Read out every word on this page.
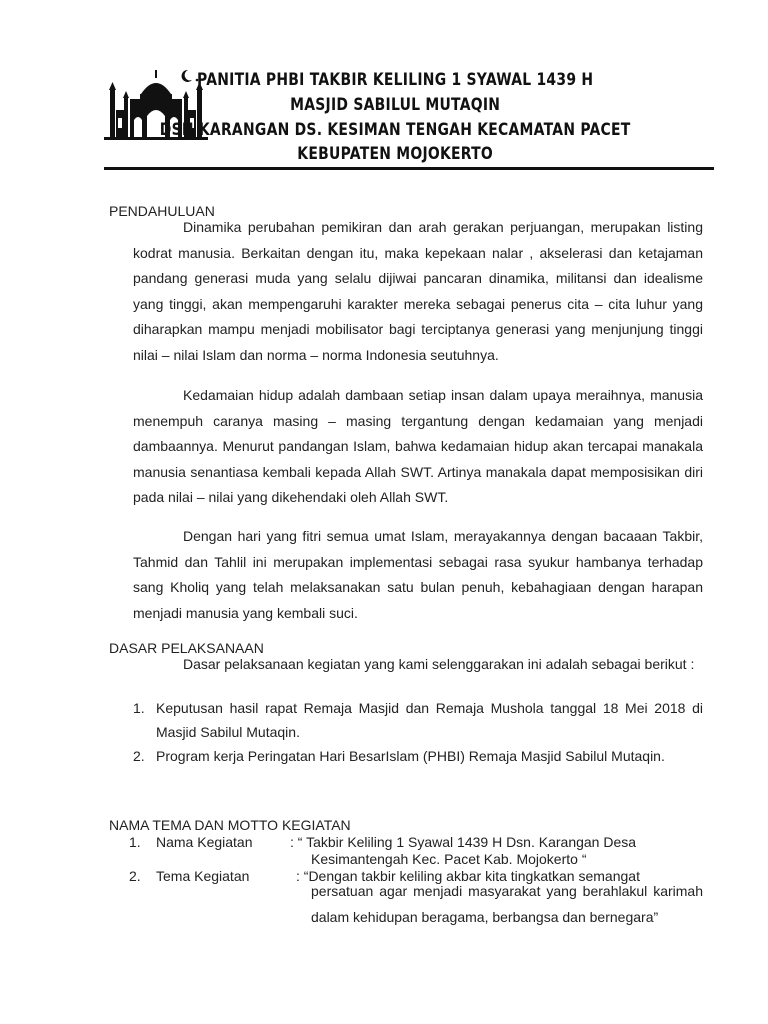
PANITIA PHBI TAKBIR KELILING 1 SYAWAL 1439 H
MASJID SABILUL MUTAQIN
DSN KARANGAN DS. KESIMAN TENGAH KECAMATAN PACET
KEBUPATEN MOJOKERTO
PENDAHULUAN
Dinamika perubahan pemikiran dan arah gerakan perjuangan, merupakan listing kodrat manusia. Berkaitan dengan itu, maka kepekaan nalar , akselerasi dan ketajaman pandang generasi muda yang selalu dijiwai pancaran dinamika, militansi dan idealisme yang tinggi, akan mempengaruhi karakter mereka sebagai penerus cita – cita luhur yang diharapkan mampu menjadi mobilisator bagi terciptanya generasi yang menjunjung tinggi nilai – nilai Islam dan norma – norma Indonesia seutuhnya.
Kedamaian hidup adalah dambaan setiap insan dalam upaya meraihnya, manusia menempuh caranya masing – masing tergantung dengan kedamaian yang menjadi dambaannya. Menurut pandangan Islam, bahwa kedamaian hidup akan tercapai manakala manusia senantiasa kembali kepada Allah SWT. Artinya manakala dapat memposisikan diri pada nilai – nilai yang dikehendaki oleh Allah SWT.
Dengan hari yang fitri semua umat Islam, merayakannya dengan bacaaan Takbir, Tahmid dan Tahlil ini merupakan implementasi sebagai rasa syukur hambanya terhadap sang Kholiq yang telah melaksanakan satu bulan penuh, kebahagiaan dengan harapan menjadi manusia yang kembali suci.
DASAR PELAKSANAAN
Dasar pelaksanaan kegiatan yang kami selenggarakan ini adalah sebagai berikut :
1. Keputusan hasil rapat Remaja Masjid dan Remaja Mushola tanggal 18 Mei 2018 di Masjid Sabilul Mutaqin.
2. Program kerja Peringatan Hari BesarIslam (PHBI) Remaja Masjid Sabilul Mutaqin.
NAMA TEMA DAN MOTTO KEGIATAN
1. Nama Kegiatan	: “ Takbir Keliling 1 Syawal 1439 H Dsn. Karangan Desa
Kesimantengah Kec. Pacet Kab. Mojokerto “
2. Tema Kegiatan	: “Dengan takbir keliling akbar kita tingkatkan semangat
persatuan agar menjadi masyarakat yang berahlakul karimah dalam kehidupan beragama, berbangsa dan bernegara”
